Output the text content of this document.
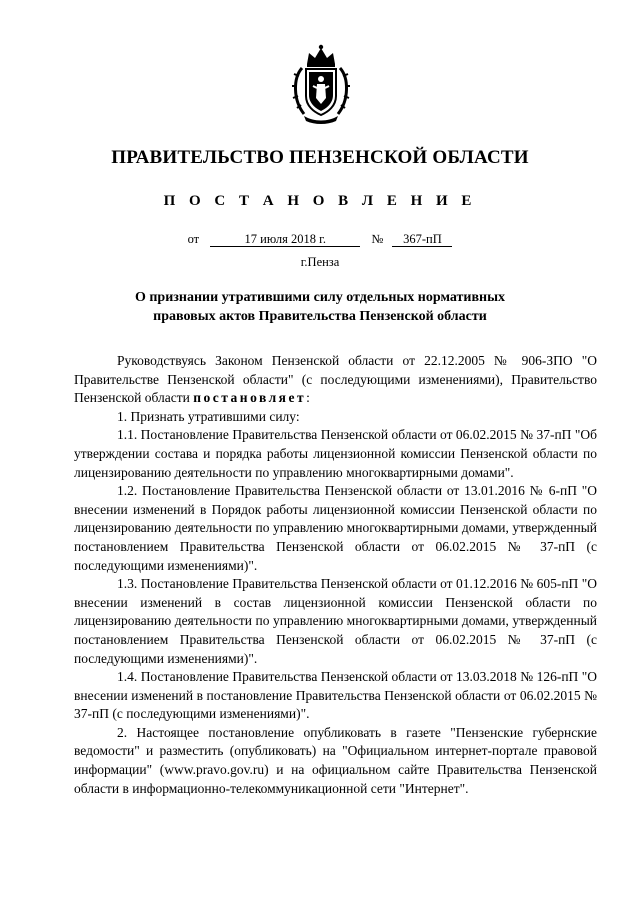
ПРАВИТЕЛЬСТВО ПЕНЗЕНСКОЙ ОБЛАСТИ
П О С Т А Н О В Л Е Н И Е
от	17 июля 2018 г.	№ 367-пП
г.Пенза
О признании утратившими силу отдельных нормативных
правовых актов Правительства Пензенской области

Руководствуясь Законом Пензенской области от 22.12.2005 № 906-ЗПО "О Правительстве Пензенской области" (с последующими изменениями), Правительство Пензенской области постановляет:

1. Признать утратившими силу:

1.1. Постановление Правительства Пензенской области от 06.02.2015 № 37-пП "Об утверждении состава и порядка работы лицензионной комиссии Пензенской области по лицензированию деятельности по управлению многоквартирными домами".

1.2. Постановление Правительства Пензенской области от 13.01.2016 № 6-пП "О внесении изменений в Порядок работы лицензионной комиссии Пензенской области по лицензированию деятельности по управлению многоквартирными домами, утвержденный постановлением Правительства Пензенской области от 06.02.2015 № 37-пП (с последующими изменениями)".

1.3. Постановление Правительства Пензенской области от 01.12.2016 № 605-пП "О внесении изменений в состав лицензионной комиссии Пензенской области по лицензированию деятельности по управлению многоквартирными домами, утвержденный постановлением Правительства Пензенской области от 06.02.2015 № 37-пП (с последующими изменениями)".

1.4. Постановление Правительства Пензенской области от 13.03.2018 № 126-пП "О внесении изменений в постановление Правительства Пензенской области от 06.02.2015 № 37-пП (с последующими изменениями)".

2. Настоящее постановление опубликовать в газете "Пензенские губернские ведомости" и разместить (опубликовать) на "Официальном интернет-портале правовой информации" (www.pravo.gov.ru) и на официальном сайте Правительства Пензенской области в информационно-телекоммуникационной сети "Интернет".
